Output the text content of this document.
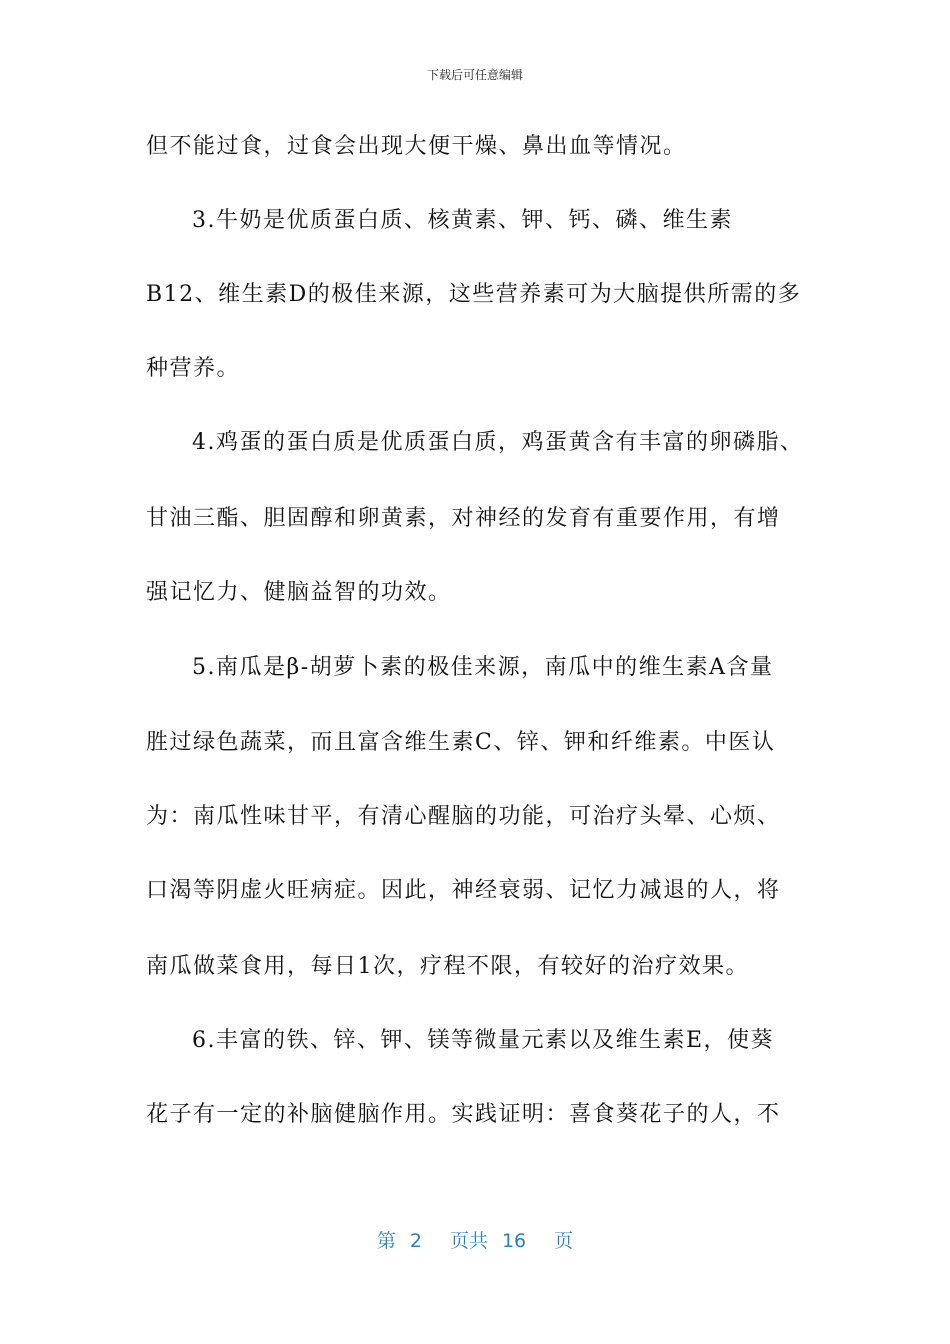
下载后可任意编辑
但不能过食，过食会出现大便干燥、鼻出血等情况。
3.牛奶是优质蛋白质、核黄素、钾、钙、磷、维生素
B12、维生素D的极佳来源，这些营养素可为大脑提供所需的多
种营养。
4.鸡蛋的蛋白质是优质蛋白质，鸡蛋黄含有丰富的卵磷脂、
甘油三酯、胆固醇和卵黄素，对神经的发育有重要作用，有增
强记忆力、健脑益智的功效。
5.南瓜是β-胡萝卜素的极佳来源，南瓜中的维生素A含量
胜过绿色蔬菜，而且富含维生素C、锌、钾和纤维素。中医认
为：南瓜性味甘平，有清心醒脑的功能，可治疗头晕、心烦、
口渴等阴虚火旺病症。因此，神经衰弱、记忆力减退的人，将
南瓜做菜食用，每日1次，疗程不限，有较好的治疗效果。
6.丰富的铁、锌、钾、镁等微量元素以及维生素E，使葵
花子有一定的补脑健脑作用。实践证明：喜食葵花子的人，不
第 2 页共 16 页
